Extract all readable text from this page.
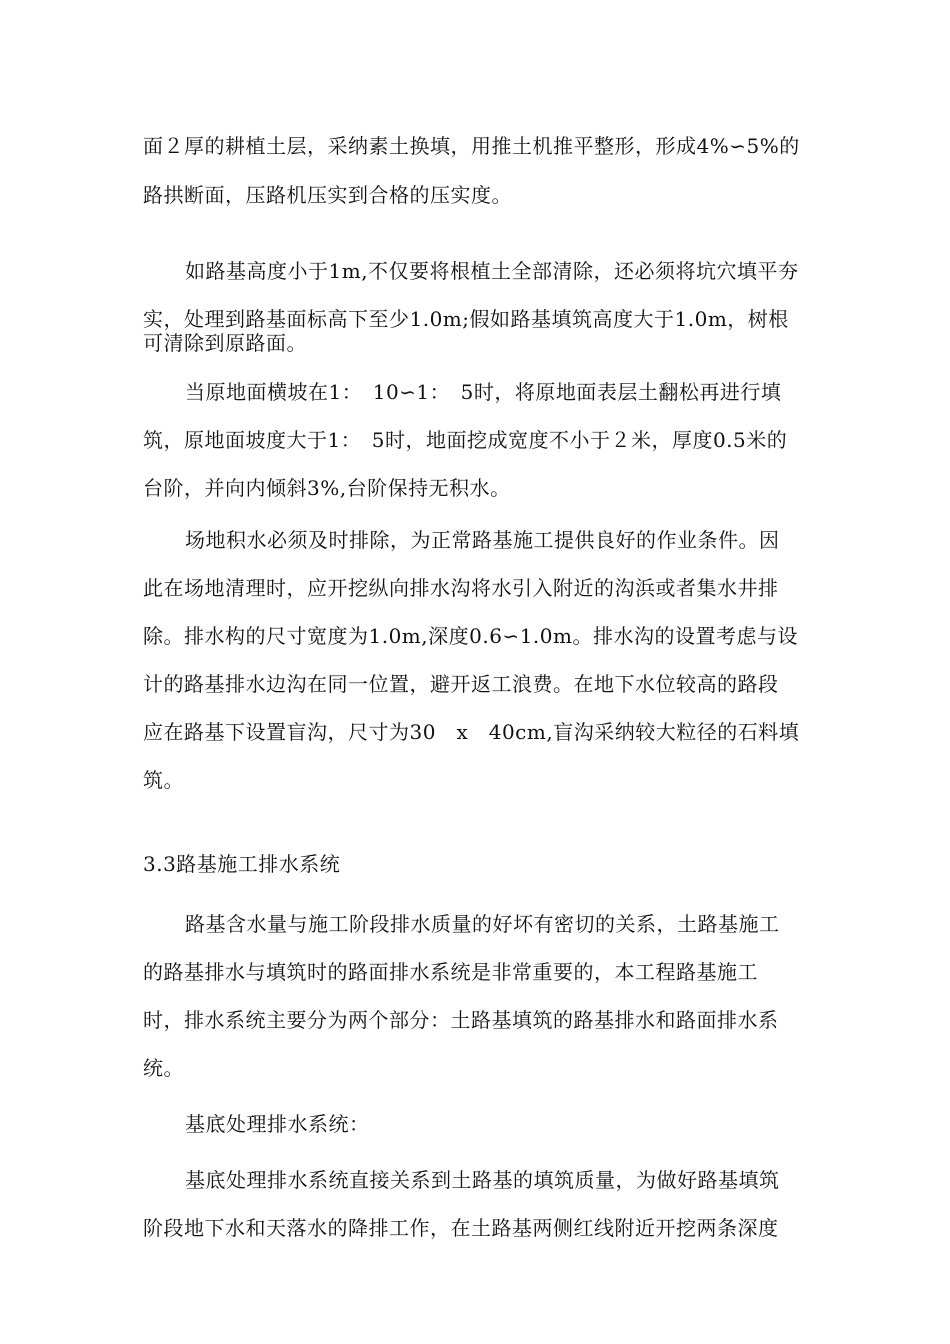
面２厚的耕植土层，采纳素土换填，用推土机推平整形，形成4%∽5%的
路拱断面，压路机压实到合格的压实度。
如路基高度小于1m,不仅要将根植土全部清除，还必须将坑穴填平夯
实，处理到路基面标高下至少1.0m;假如路基填筑高度大于1.0m，树根
可清除到原路面。
当原地面横坡在1：　10∽1：　5时，将原地面表层土翻松再进行填
筑，原地面坡度大于1：　5时，地面挖成宽度不小于２米，厚度0.5米的
台阶，并向内倾斜3%,台阶保持无积水。
场地积水必须及时排除，为正常路基施工提供良好的作业条件。因
此在场地清理时，应开挖纵向排水沟将水引入附近的沟浜或者集水井排
除。排水构的尺寸宽度为1.0m,深度0.6∽1.0m。排水沟的设置考虑与设
计的路基排水边沟在同一位置，避开返工浪费。在地下水位较高的路段
应在路基下设置盲沟，尺寸为30　x　40cm,盲沟采纳较大粒径的石料填
筑。
3.3路基施工排水系统
路基含水量与施工阶段排水质量的好坏有密切的关系，土路基施工
的路基排水与填筑时的路面排水系统是非常重要的，本工程路基施工
时，排水系统主要分为两个部分：土路基填筑的路基排水和路面排水系
统。
基底处理排水系统：
基底处理排水系统直接关系到土路基的填筑质量，为做好路基填筑
阶段地下水和天落水的降排工作，在土路基两侧红线附近开挖两条深度
